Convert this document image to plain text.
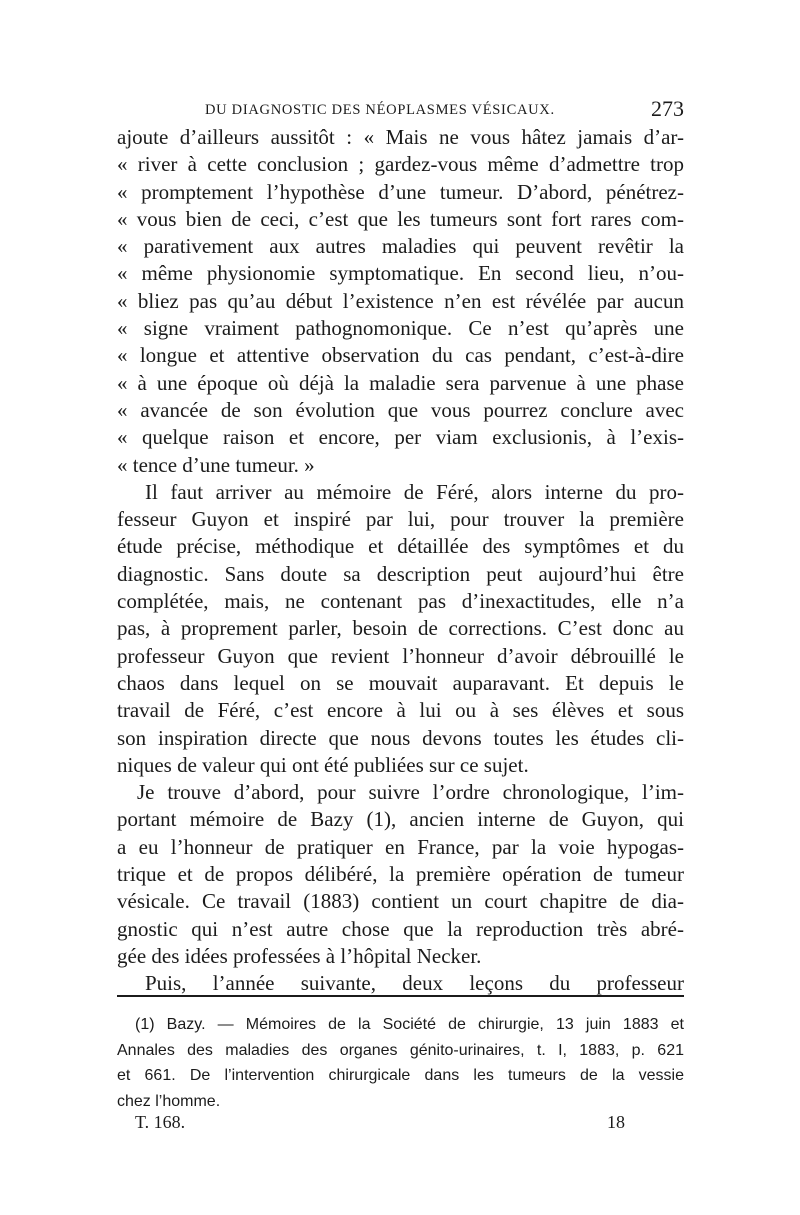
DU DIAGNOSTIC DES NÉOPLASMES VÉSICAUX.	273
ajoute d’ailleurs aussitôt : « Mais ne vous hâtez jamais d’ar-
« river à cette conclusion ; gardez-vous même d’admettre trop
« promptement l’hypothèse d’une tumeur. D’abord, pénétrez-
« vous bien de ceci, c’est que les tumeurs sont fort rares com-
« parativement aux autres maladies qui peuvent revêtir la
« même physionomie symptomatique. En second lieu, n’ou-
« bliez pas qu’au début l’existence n’en est révélée par aucun
« signe vraiment pathognomonique. Ce n’est qu’après une
« longue et attentive observation du cas pendant, c’est-à-dire
« à une époque où déjà la maladie sera parvenue à une phase
« avancée de son évolution que vous pourrez conclure avec
« quelque raison et encore, per viam exclusionis, à l’exis-
« tence d’une tumeur. »
Il faut arriver au mémoire de Féré, alors interne du pro-
fesseur Guyon et inspiré par lui, pour trouver la première
étude précise, méthodique et détaillée des symptômes et du
diagnostic. Sans doute sa description peut aujourd’hui être
complétée, mais, ne contenant pas d’inexactitudes, elle n’a
pas, à proprement parler, besoin de corrections. C’est donc au
professeur Guyon que revient l’honneur d’avoir débrouillé le
chaos dans lequel on se mouvait auparavant. Et depuis le
travail de Féré, c’est encore à lui ou à ses élèves et sous
son inspiration directe que nous devons toutes les études cli-
niques de valeur qui ont été publiées sur ce sujet.
Je trouve d’abord, pour suivre l’ordre chronologique, l’im-
portant mémoire de Bazy (1), ancien interne de Guyon, qui
a eu l’honneur de pratiquer en France, par la voie hypogas-
trique et de propos délibéré, la première opération de tumeur
vésicale. Ce travail (1883) contient un court chapitre de dia-
gnostic qui n’est autre chose que la reproduction très abré-
gée des idées professées à l’hôpital Necker.
Puis, l’année suivante, deux leçons du professeur
(1) Bazy. — Mémoires de la Société de chirurgie, 13 juin 1883 et
Annales des maladies des organes génito-urinaires, t. I, 1883, p. 621
et 661. De l’intervention chirurgicale dans les tumeurs de la vessie
chez l’homme.
T. 168.	18
